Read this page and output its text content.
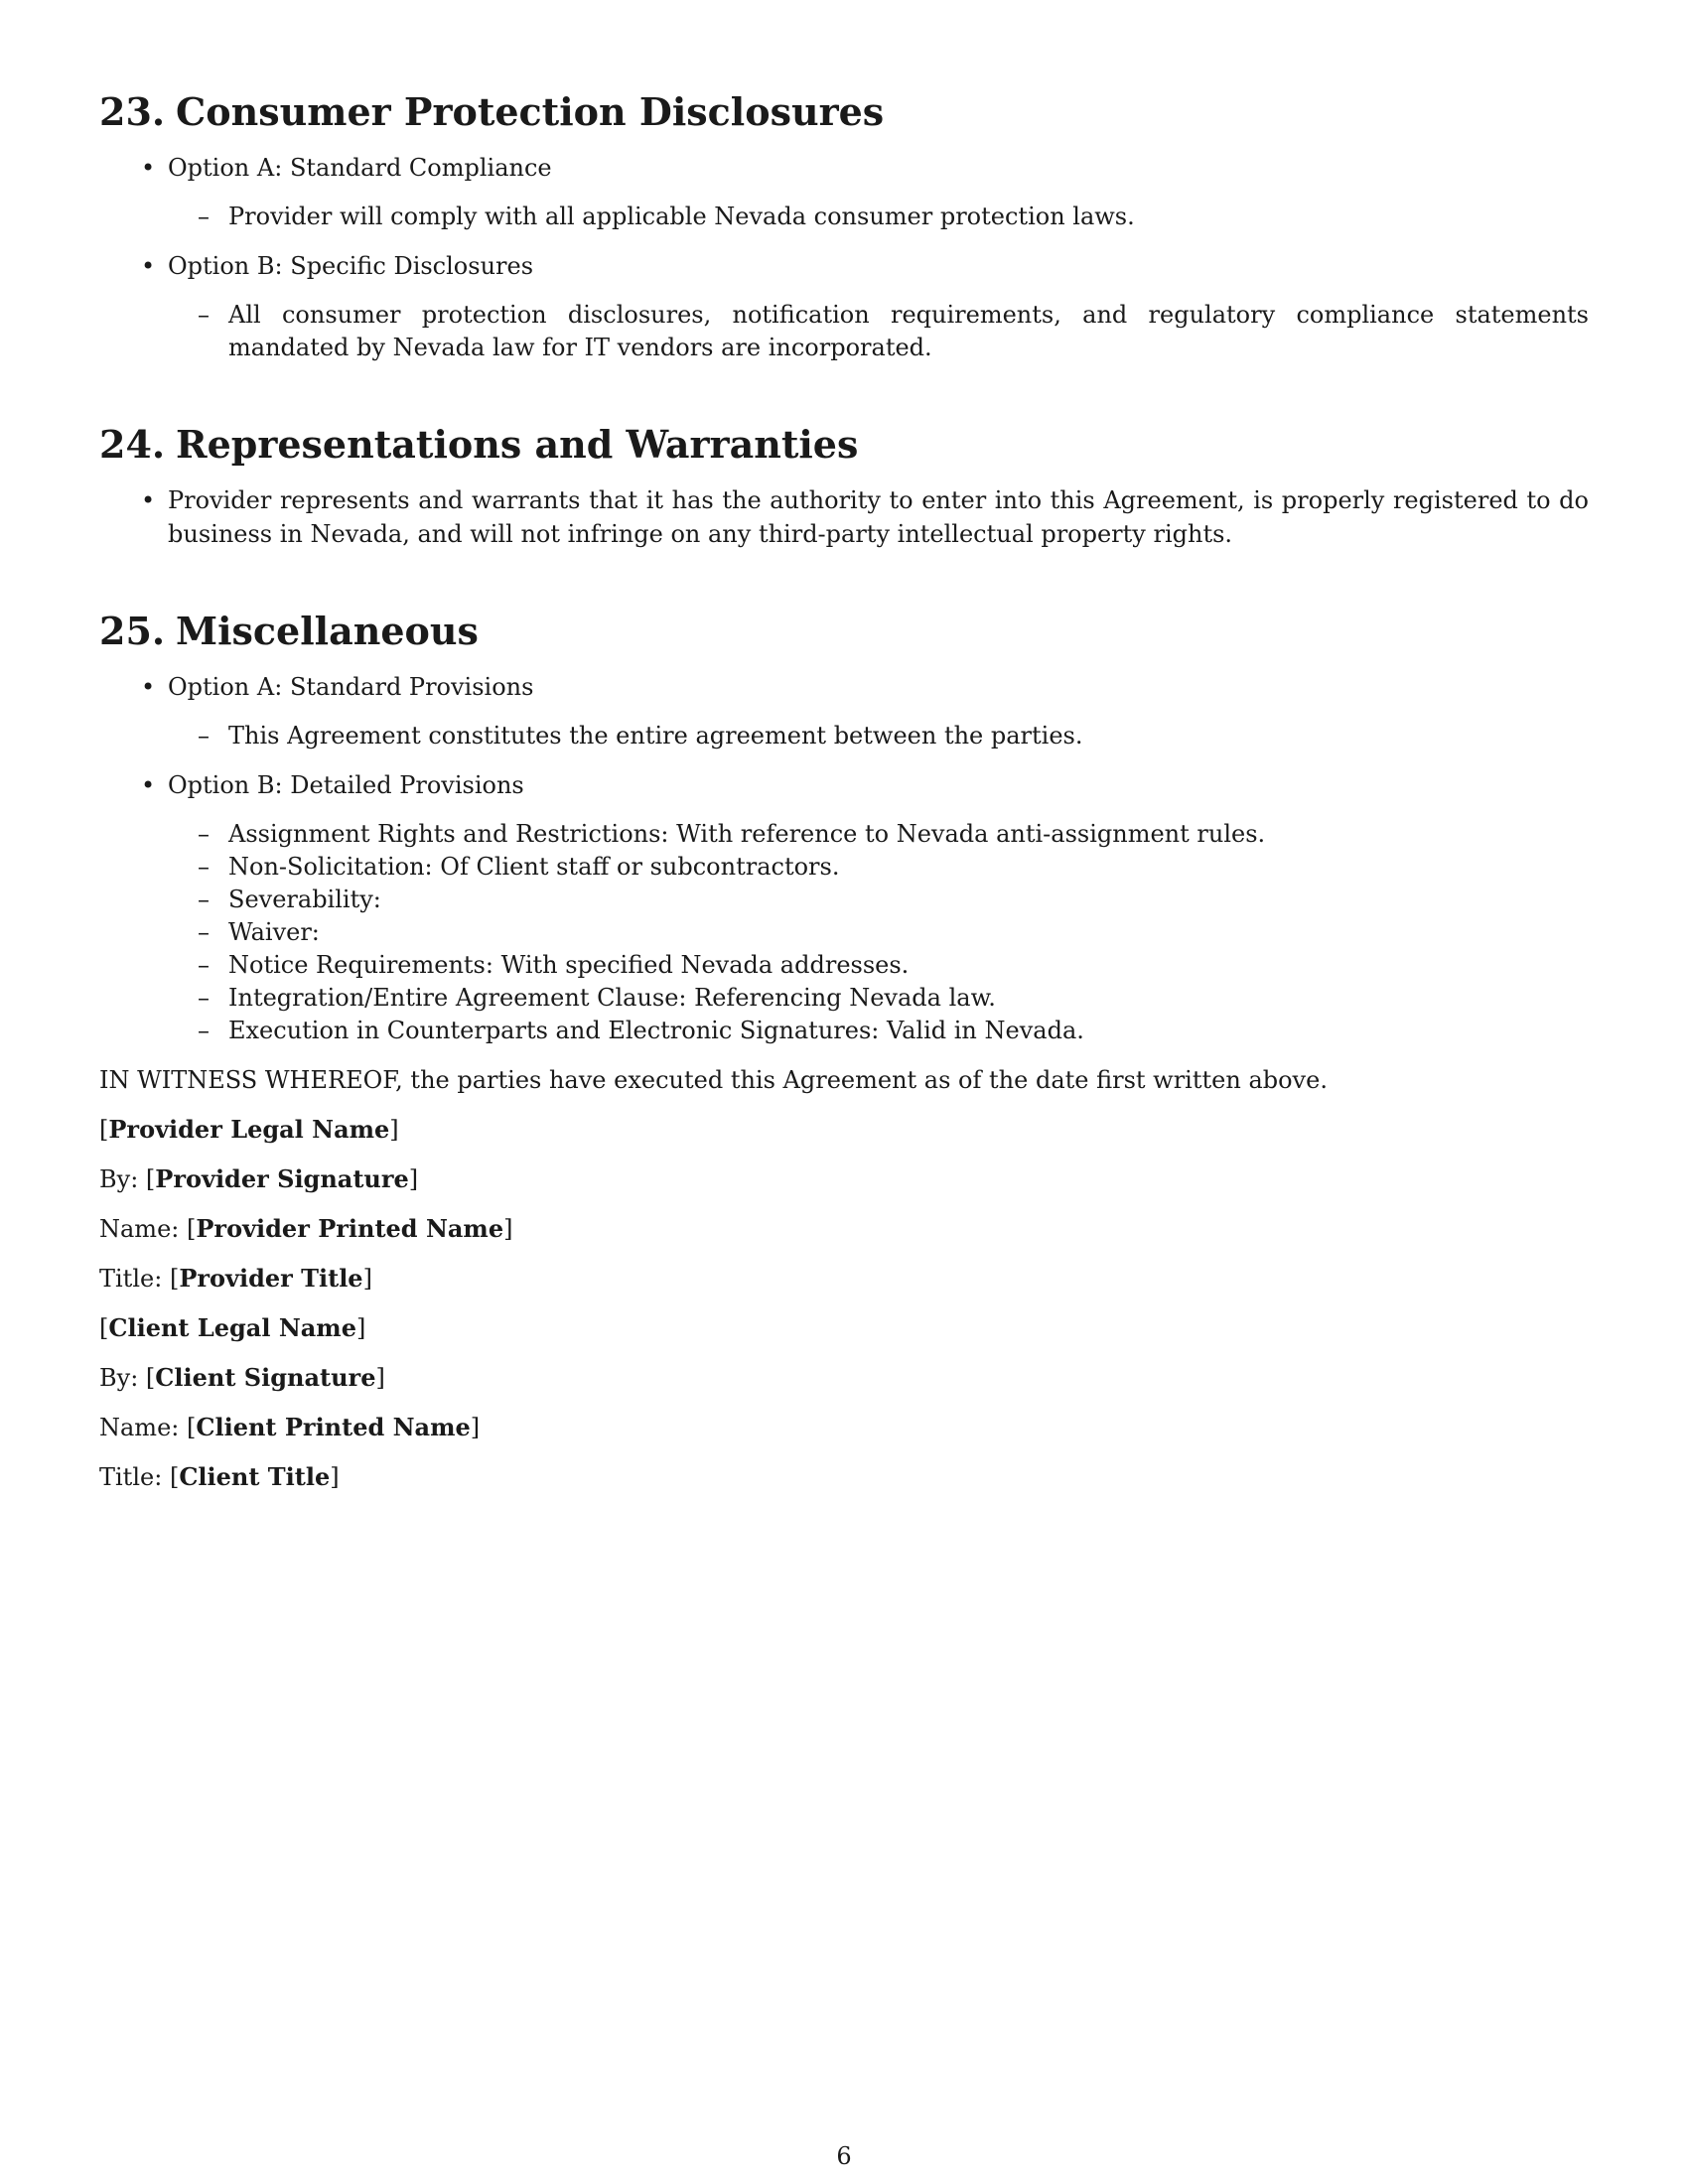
23. Consumer Protection Disclosures
• Option A: Standard Compliance
– Provider will comply with all applicable Nevada consumer protection laws.
• Option B: Specific Disclosures
– All consumer protection disclosures, notification requirements, and regulatory compliance statements mandated by Nevada law for IT vendors are incorporated.
24. Representations and Warranties
• Provider represents and warrants that it has the authority to enter into this Agreement, is properly registered to do business in Nevada, and will not infringe on any third-party intellectual property rights.
25. Miscellaneous
• Option A: Standard Provisions
– This Agreement constitutes the entire agreement between the parties.
• Option B: Detailed Provisions
– Assignment Rights and Restrictions: With reference to Nevada anti-assignment rules.
– Non-Solicitation: Of Client staff or subcontractors.
– Severability:
– Waiver:
– Notice Requirements: With specified Nevada addresses.
– Integration/Entire Agreement Clause: Referencing Nevada law.
– Execution in Counterparts and Electronic Signatures: Valid in Nevada.

IN WITNESS WHEREOF, the parties have executed this Agreement as of the date first written above.

[Provider Legal Name]
By: [Provider Signature]
Name: [Provider Printed Name]
Title: [Provider Title]
[Client Legal Name]
By: [Client Signature]
Name: [Client Printed Name]
Title: [Client Title]
6
